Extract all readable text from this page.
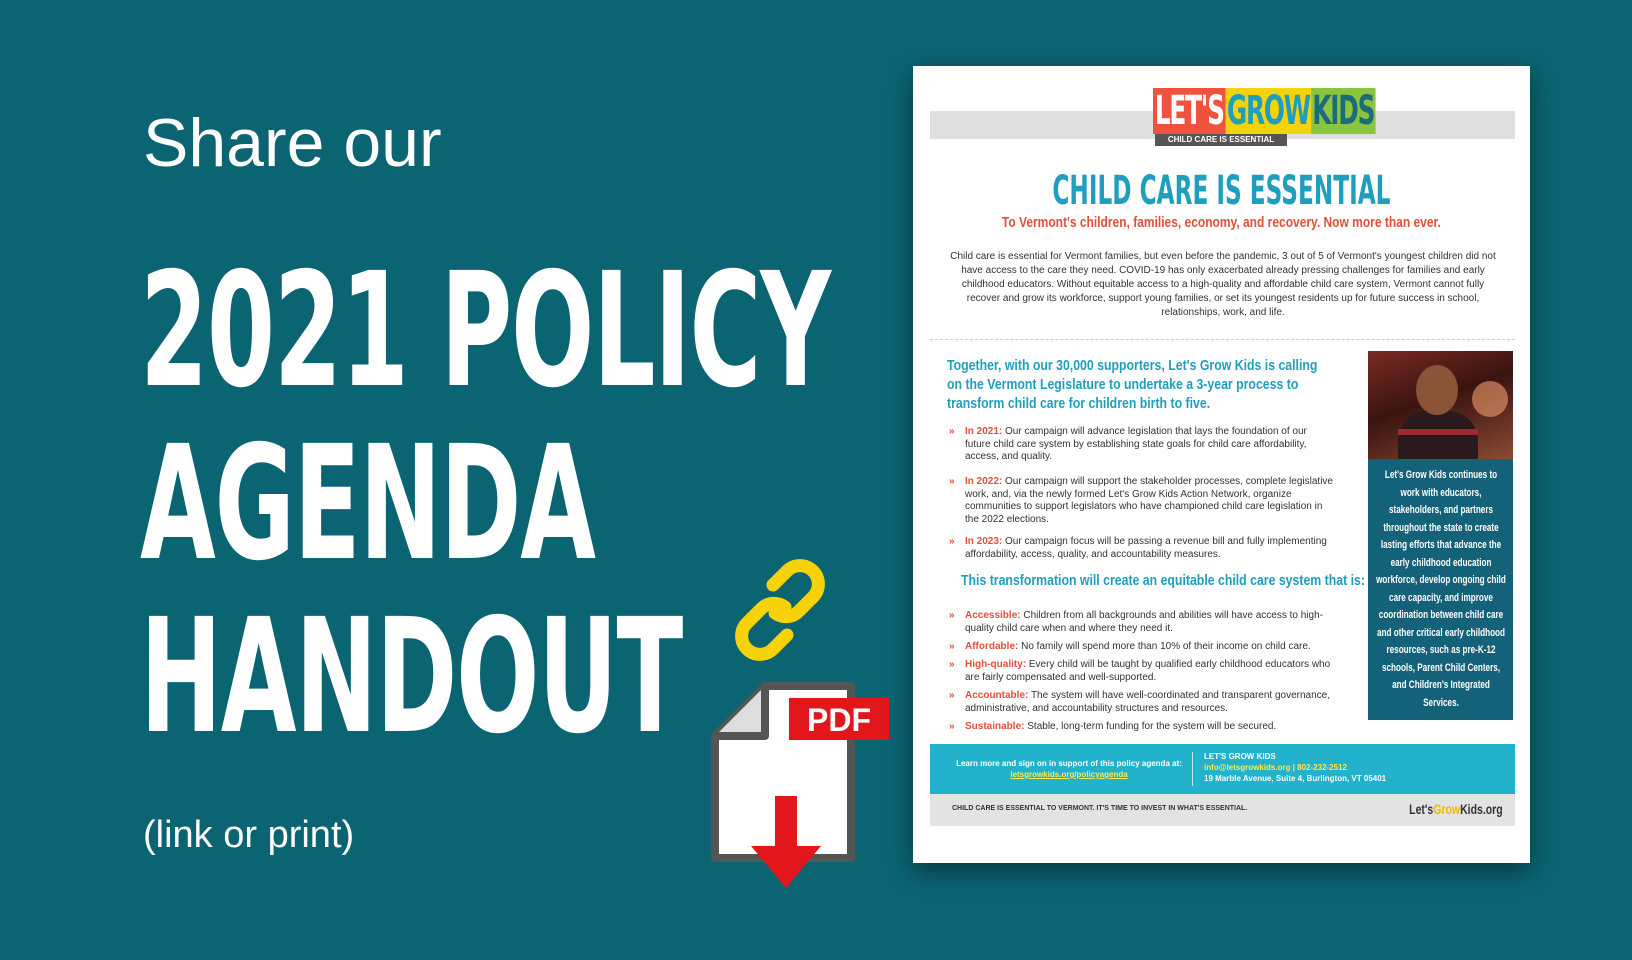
Share our
2021 POLICY
AGENDA
HANDOUT
(link or print)
PDF
LET'SGROWKIDS
CHILD CARE IS ESSENTIAL
CHILD CARE IS ESSENTIAL
To Vermont's children, families, economy, and recovery. Now more than ever.
Child care is essential for Vermont families, but even before the pandemic, 3 out of 5 of Vermont's youngest children did not have access to the care they need. COVID-19 has only exacerbated already pressing challenges for families and early childhood educators. Without equitable access to a high-quality and affordable child care system, Vermont cannot fully recover and grow its workforce, support young families, or set its youngest residents up for future success in school, relationships, work, and life.
Together, with our 30,000 supporters, Let's Grow Kids is calling on the Vermont Legislature to undertake a 3-year process to transform child care for children birth to five.
» In 2021: Our campaign will advance legislation that lays the foundation of our future child care system by establishing state goals for child care affordability, access, and quality.
» In 2022: Our campaign will support the stakeholder processes, complete legislative work, and, via the newly formed Let's Grow Kids Action Network, organize communities to support legislators who have championed child care legislation in the 2022 elections.
» In 2023: Our campaign focus will be passing a revenue bill and fully implementing affordability, access, quality, and accountability measures.
This transformation will create an equitable child care system that is:
» Accessible: Children from all backgrounds and abilities will have access to high-quality child care when and where they need it.
» Affordable: No family will spend more than 10% of their income on child care.
» High-quality: Every child will be taught by qualified early childhood educators who are fairly compensated and well-supported.
» Accountable: The system will have well-coordinated and transparent governance, administrative, and accountability structures and resources.
» Sustainable: Stable, long-term funding for the system will be secured.
Let's Grow Kids continues to work with educators, stakeholders, and partners throughout the state to create lasting efforts that advance the early childhood education workforce, develop ongoing child care capacity, and improve coordination between child care and other critical early childhood resources, such as pre-K-12 schools, Parent Child Centers, and Children's Integrated Services.
Learn more and sign on in support of this policy agenda at: letsgrowkids.org/policyagenda
LET'S GROW KIDS
info@letsgrowkids.org | 802-232-2512
19 Marble Avenue, Suite 4, Burlington, VT 05401
CHILD CARE IS ESSENTIAL TO VERMONT. IT'S TIME TO INVEST IN WHAT'S ESSENTIAL.	Let'sGrowKids.org
